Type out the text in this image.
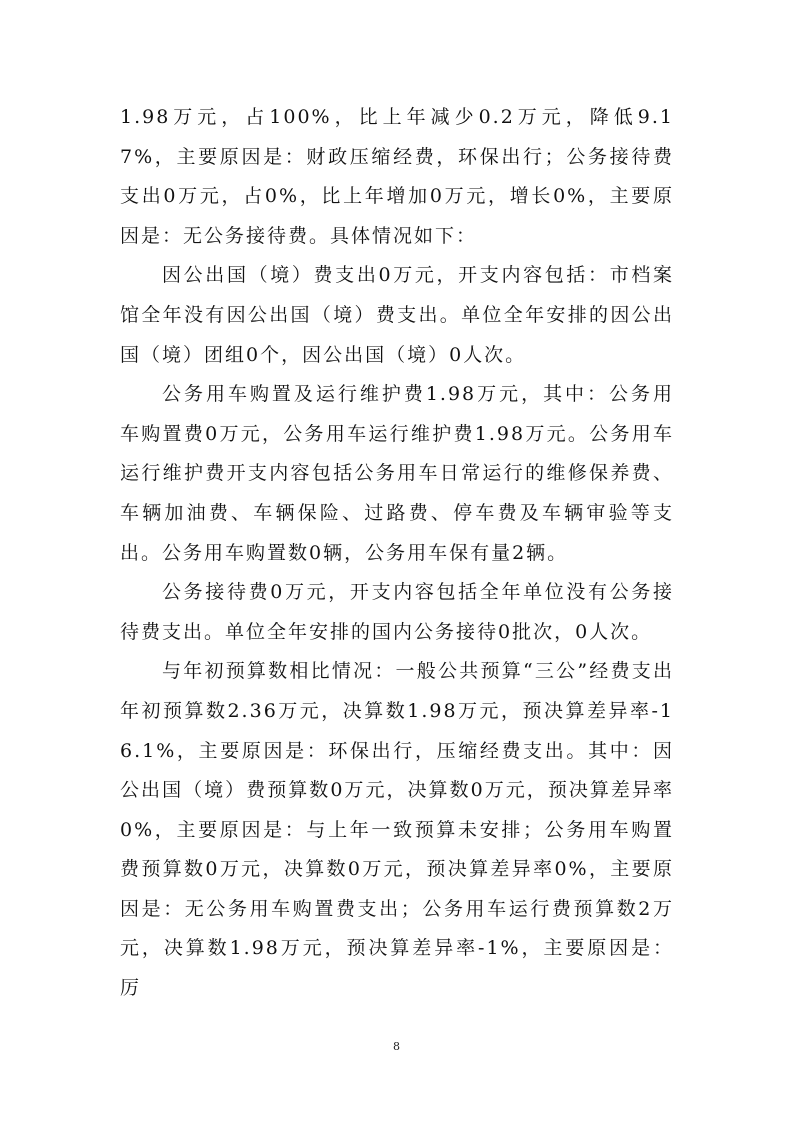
1.98万元，占100%，比上年减少0.2万元，降低9.17%，主要原因是：财政压缩经费，环保出行；公务接待费支出0万元，占0%，比上年增加0万元，增长0%，主要原因是：无公务接待费。具体情况如下：

因公出国（境）费支出0万元，开支内容包括：市档案馆全年没有因公出国（境）费支出。单位全年安排的因公出国（境）团组0个，因公出国（境）0人次。

公务用车购置及运行维护费1.98万元，其中：公务用车购置费0万元，公务用车运行维护费1.98万元。公务用车运行维护费开支内容包括公务用车日常运行的维修保养费、车辆加油费、车辆保险、过路费、停车费及车辆审验等支出。公务用车购置数0辆，公务用车保有量2辆。

公务接待费0万元，开支内容包括全年单位没有公务接待费支出。单位全年安排的国内公务接待0批次，0人次。

与年初预算数相比情况：一般公共预算“三公”经费支出年初预算数2.36万元，决算数1.98万元，预决算差异率-16.1%，主要原因是：环保出行，压缩经费支出。其中：因公出国（境）费预算数0万元，决算数0万元，预决算差异率0%，主要原因是：与上年一致预算未安排；公务用车购置费预算数0万元，决算数0万元，预决算差异率0%，主要原因是：无公务用车购置费支出；公务用车运行费预算数2万元，决算数1.98万元，预决算差异率-1%，主要原因是：厉

8
